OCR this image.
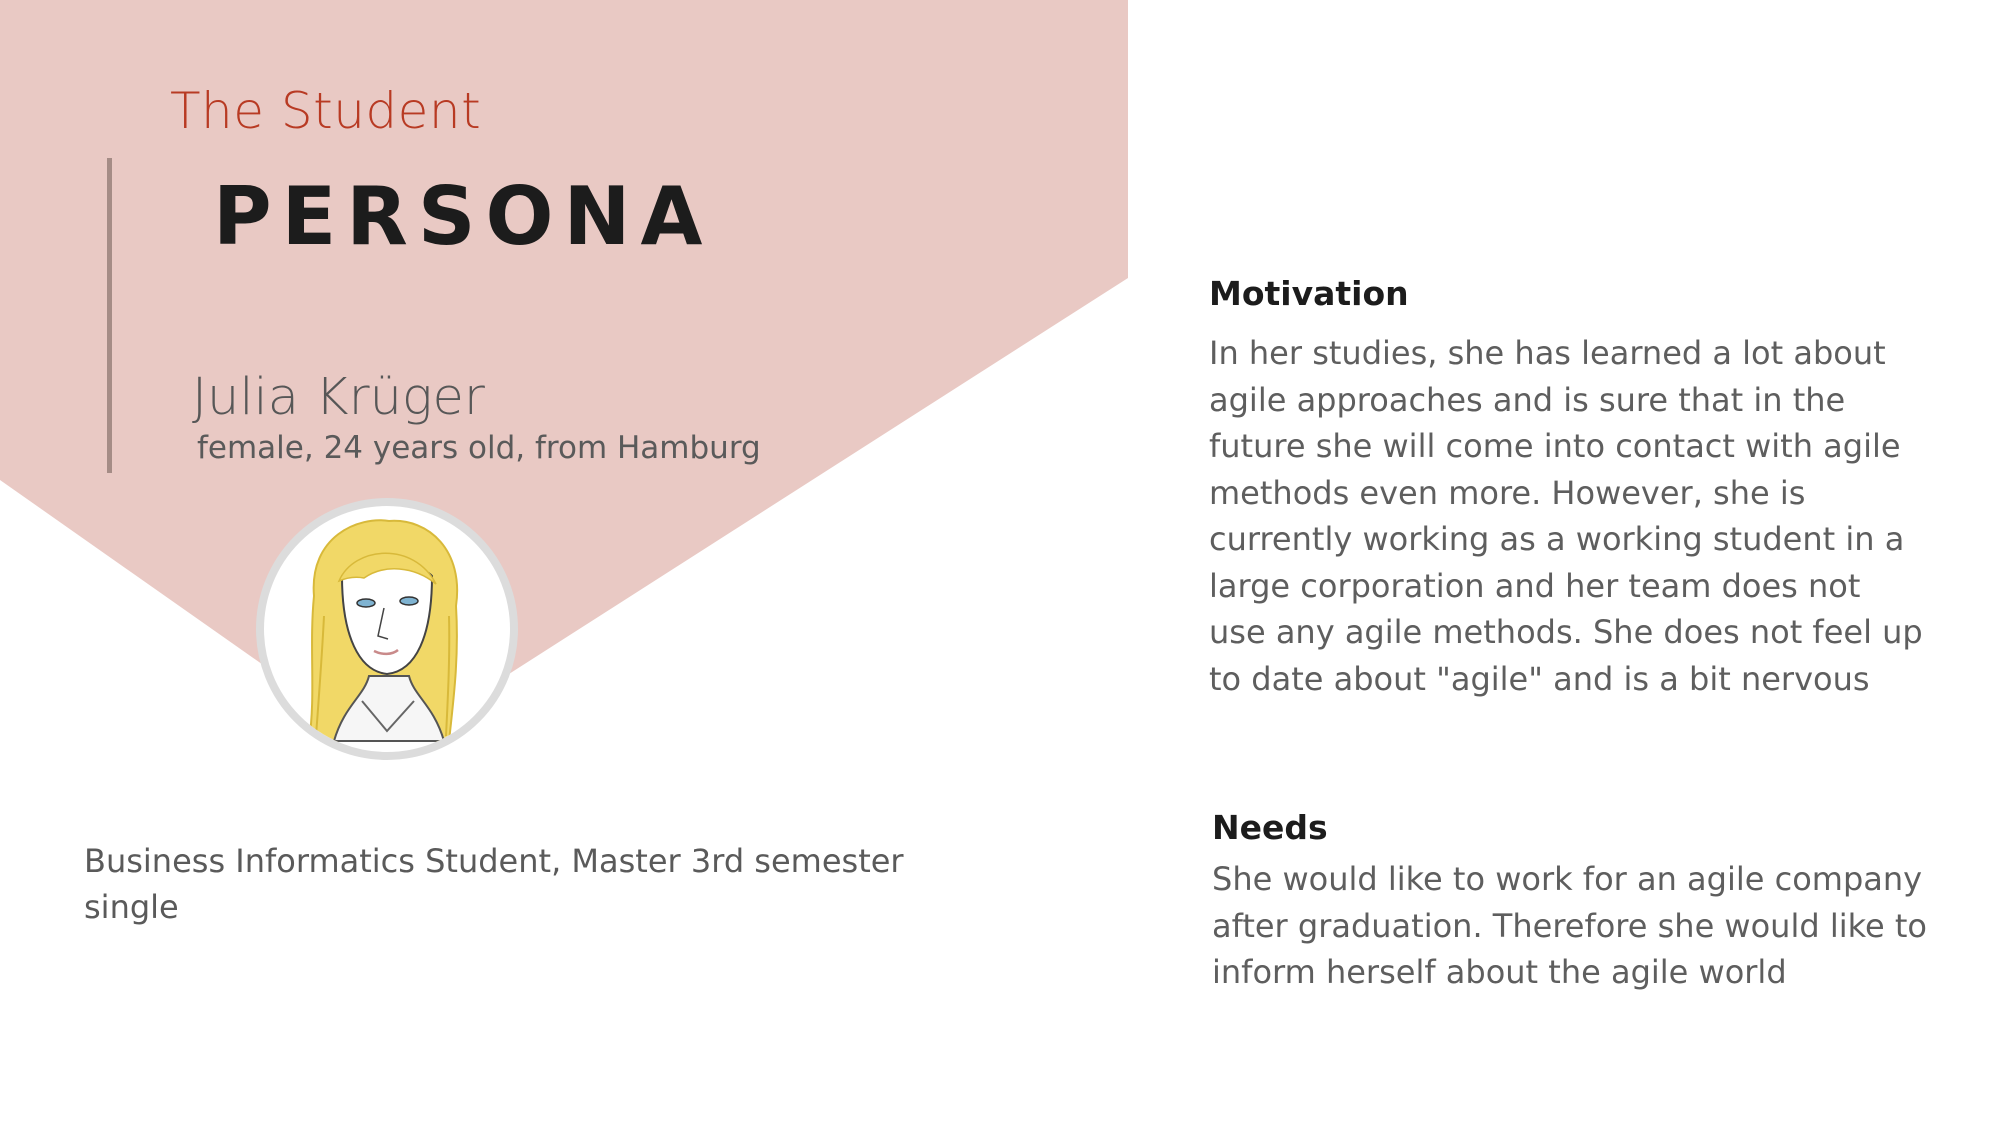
The Student
PERSONA
Julia Krüger
female, 24 years old, from Hamburg
Business Informatics Student, Master 3rd semester
single
Motivation
In her studies, she has learned a lot about
agile approaches and is sure that in the
future she will come into contact with agile
methods even more. However, she is
currently working as a working student in a
large corporation and her team does not
use any agile methods. She does not feel up
to date about "agile" and is a bit nervous
Needs
She would like to work for an agile company
after graduation. Therefore she would like to
inform herself about the agile world
